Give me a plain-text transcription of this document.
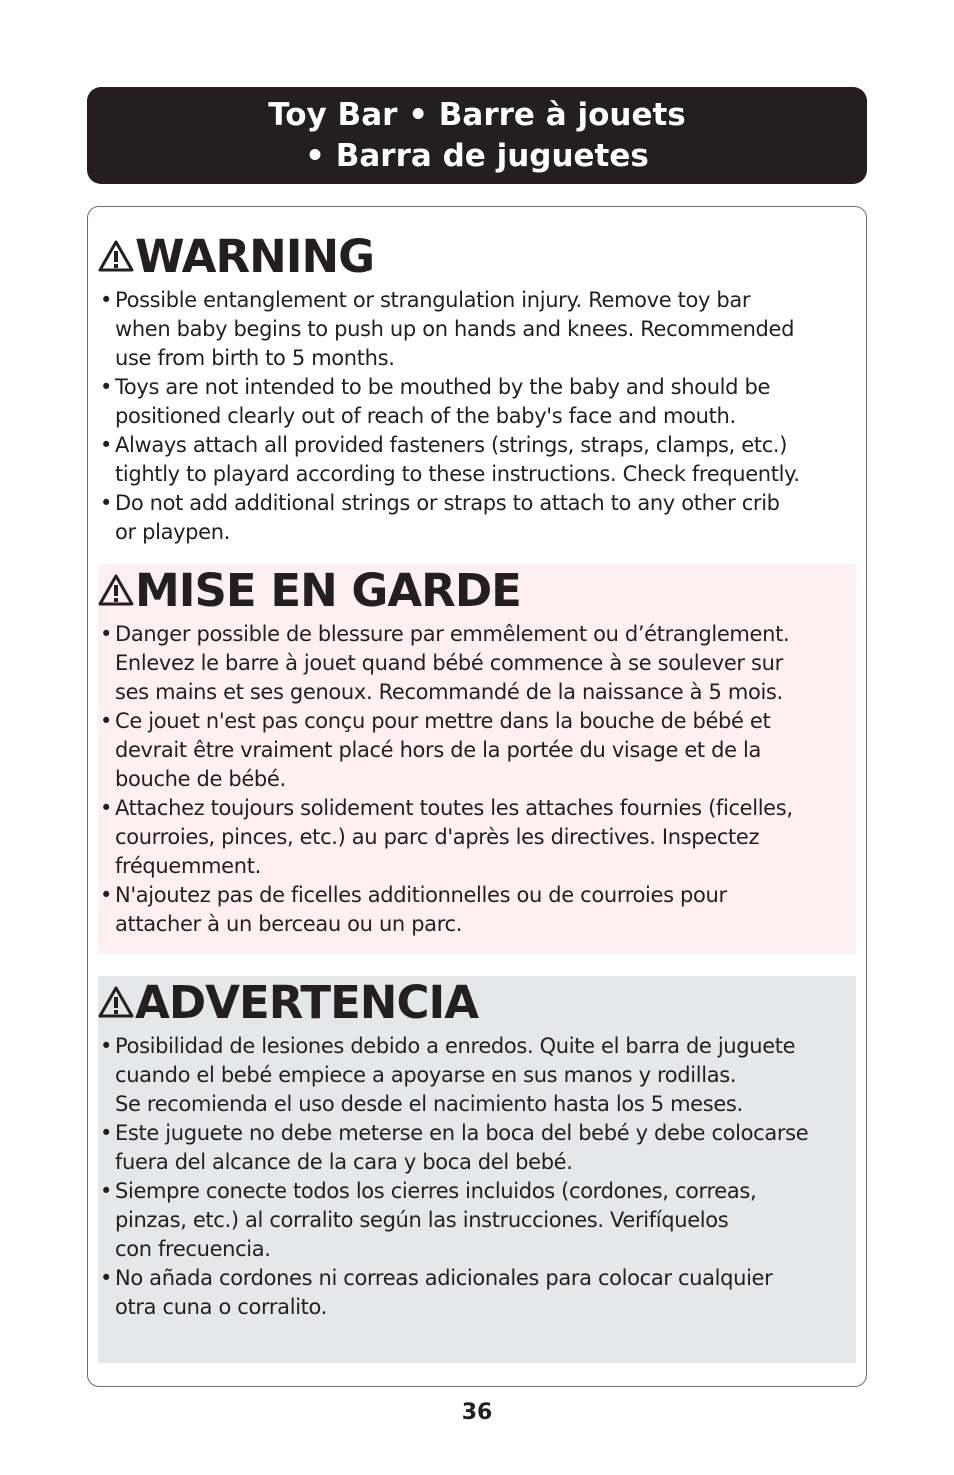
Toy Bar • Barre à jouets
• Barra de juguetes
WARNING
• Possible entanglement or strangulation injury. Remove toy bar
when baby begins to push up on hands and knees. Recommended
use from birth to 5 months.
• Toys are not intended to be mouthed by the baby and should be
positioned clearly out of reach of the baby's face and mouth.
• Always attach all provided fasteners (strings, straps, clamps, etc.)
tightly to playard according to these instructions. Check frequently.
• Do not add additional strings or straps to attach to any other crib
or playpen.
MISE EN GARDE
• Danger possible de blessure par emmêlement ou d’étranglement.
Enlevez le barre à jouet quand bébé commence à se soulever sur
ses mains et ses genoux. Recommandé de la naissance à 5 mois.
• Ce jouet n'est pas conçu pour mettre dans la bouche de bébé et
devrait être vraiment placé hors de la portée du visage et de la
bouche de bébé.
• Attachez toujours solidement toutes les attaches fournies (ficelles,
courroies, pinces, etc.) au parc d'après les directives. Inspectez
fréquemment.
• N'ajoutez pas de ficelles additionnelles ou de courroies pour
attacher à un berceau ou un parc.
ADVERTENCIA
• Posibilidad de lesiones debido a enredos. Quite el barra de juguete
cuando el bebé empiece a apoyarse en sus manos y rodillas.
Se recomienda el uso desde el nacimiento hasta los 5 meses.
• Este juguete no debe meterse en la boca del bebé y debe colocarse
fuera del alcance de la cara y boca del bebé.
• Siempre conecte todos los cierres incluidos (cordones, correas,
pinzas, etc.) al corralito según las instrucciones. Verifíquelos
con frecuencia.
• No añada cordones ni correas adicionales para colocar cualquier
otra cuna o corralito.
36
